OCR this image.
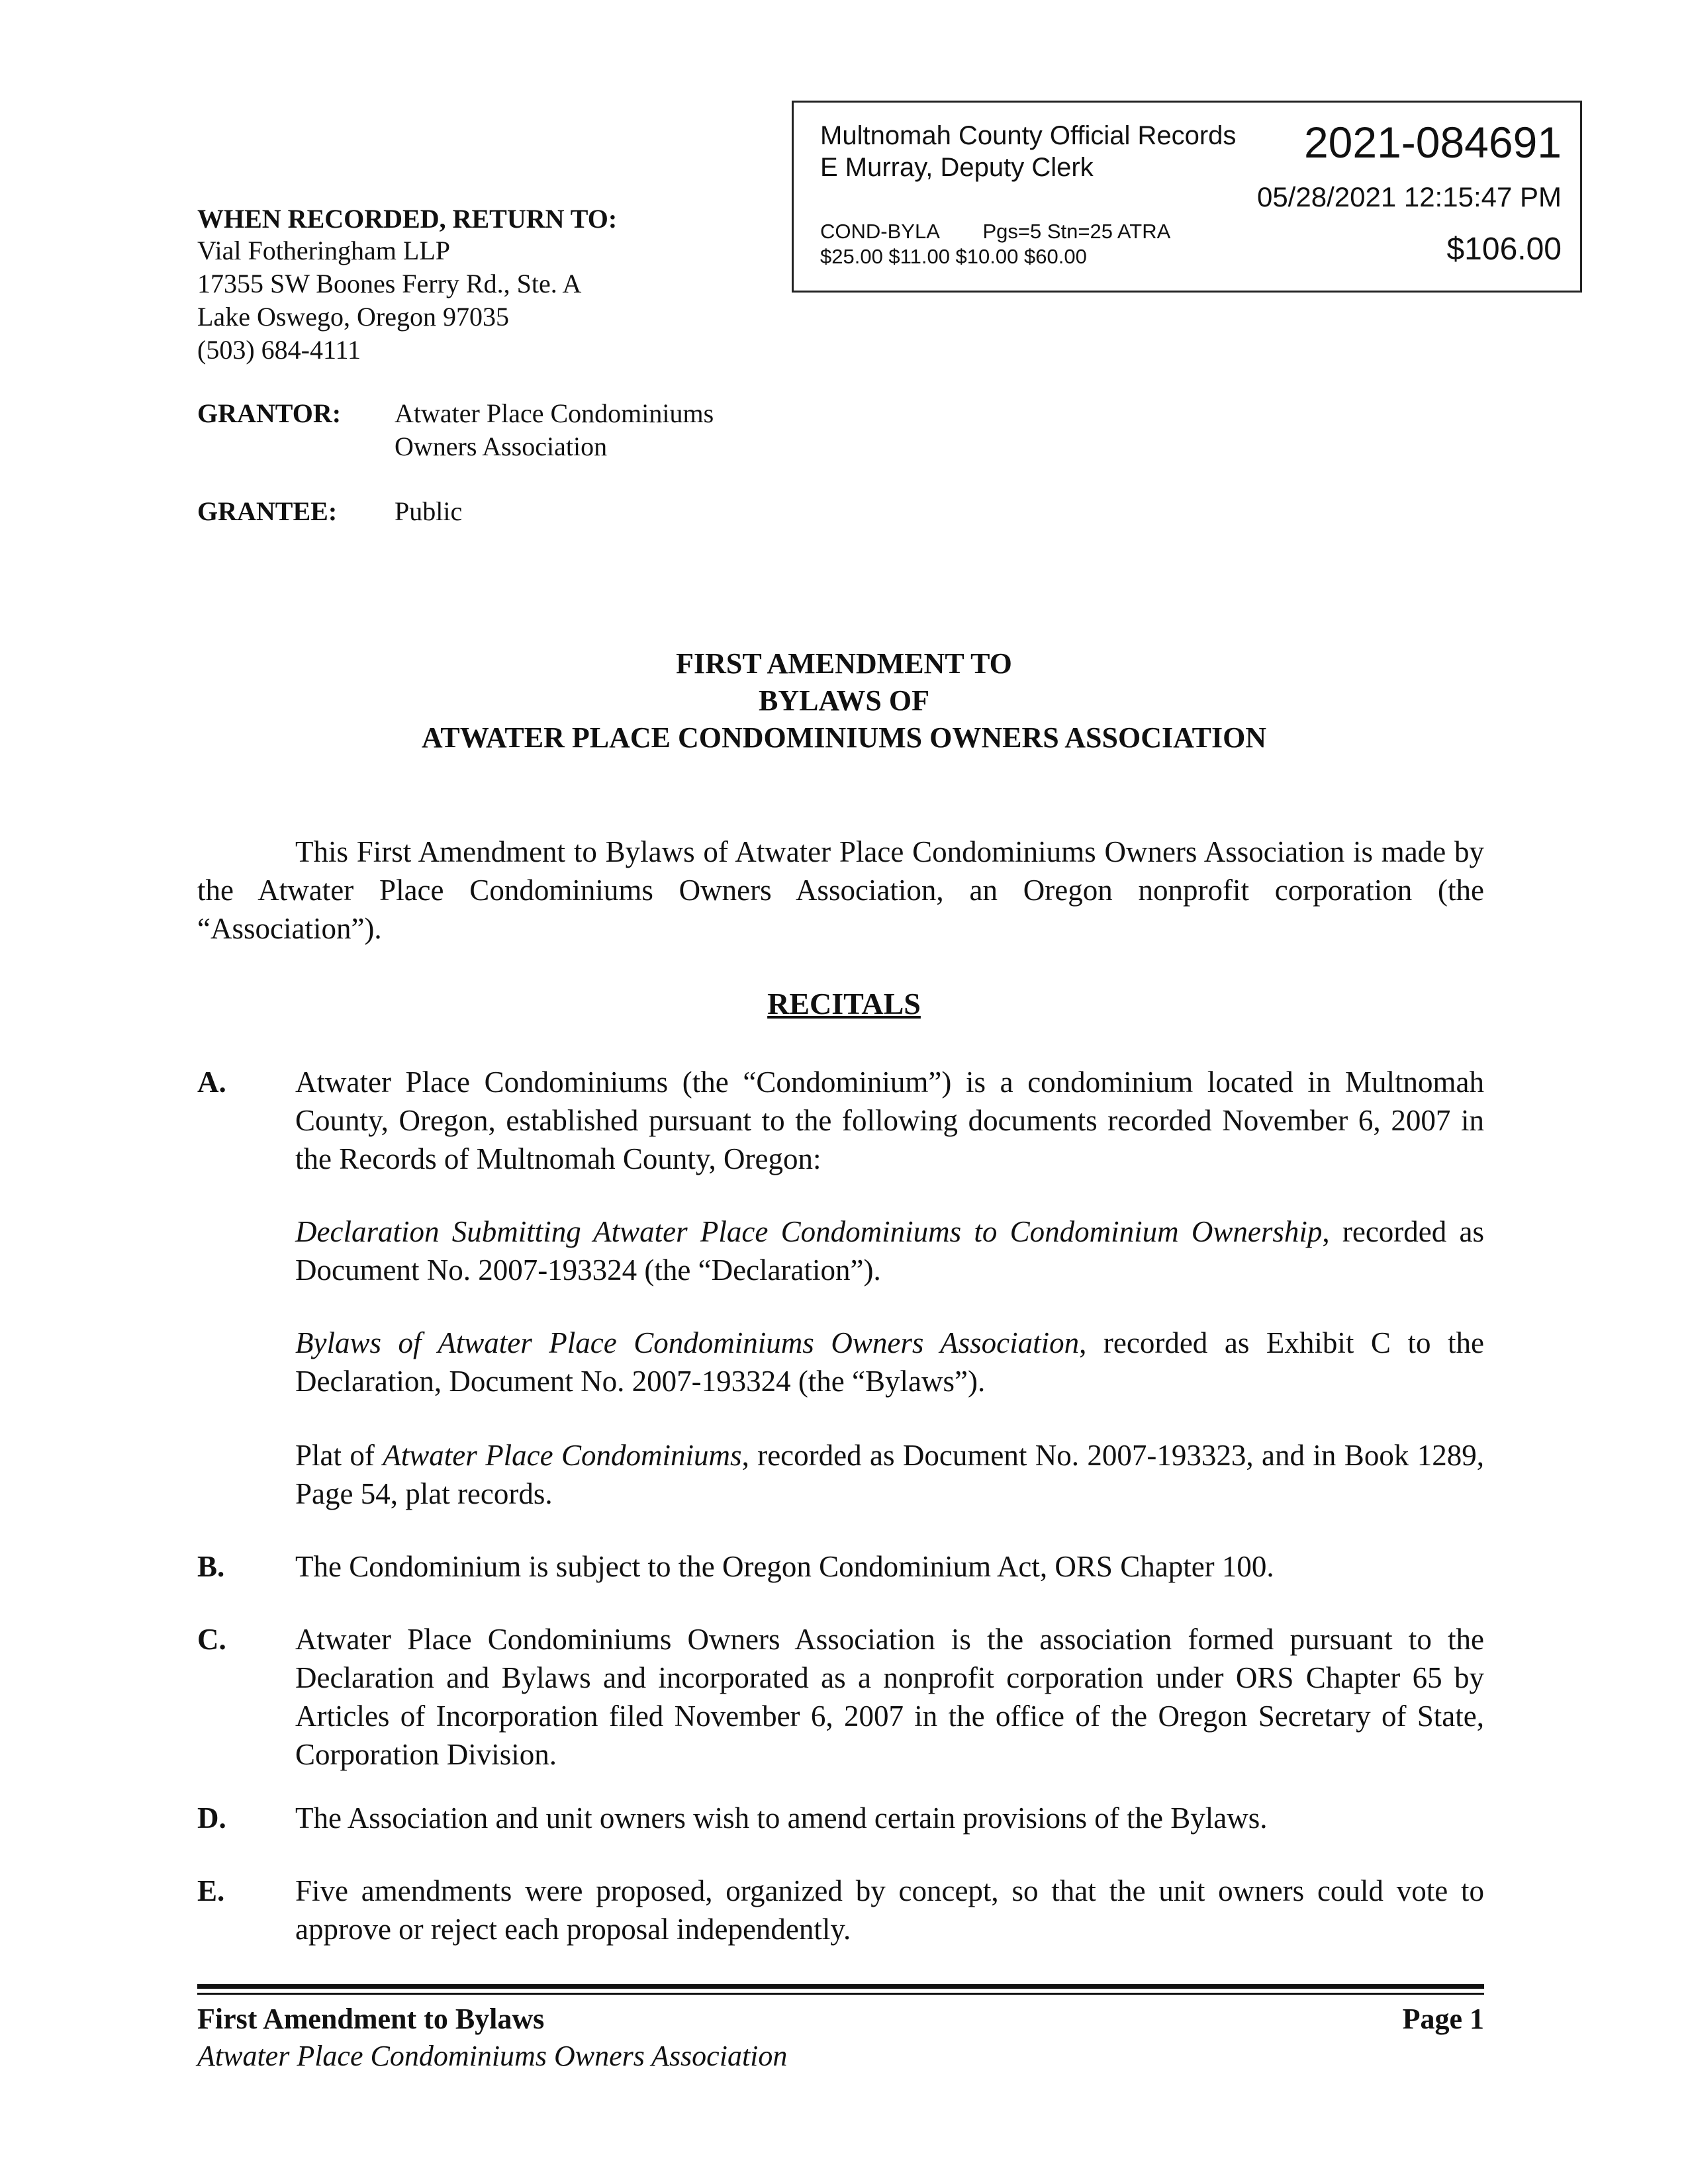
Multnomah County Official Records
E Murray, Deputy Clerk
2021-084691
05/28/2021 12:15:47 PM
COND-BYLA Pgs=5 Stn=25 ATRA
$25.00 $11.00 $10.00 $60.00	$106.00
WHEN RECORDED, RETURN TO:
Vial Fotheringham LLP
17355 SW Boones Ferry Rd., Ste. A
Lake Oswego, Oregon 97035
(503) 684-4111
GRANTOR: Atwater Place Condominiums
Owners Association
GRANTEE: Public
FIRST AMENDMENT TO
BYLAWS OF
ATWATER PLACE CONDOMINIUMS OWNERS ASSOCIATION
This First Amendment to Bylaws of Atwater Place Condominiums Owners Association is made by the Atwater Place Condominiums Owners Association, an Oregon nonprofit corporation (the “Association”).
RECITALS
A. Atwater Place Condominiums (the “Condominium”) is a condominium located in Multnomah County, Oregon, established pursuant to the following documents recorded November 6, 2007 in the Records of Multnomah County, Oregon:
Declaration Submitting Atwater Place Condominiums to Condominium Ownership, recorded as Document No. 2007-193324 (the “Declaration”).
Bylaws of Atwater Place Condominiums Owners Association, recorded as Exhibit C to the Declaration, Document No. 2007-193324 (the “Bylaws”).
Plat of Atwater Place Condominiums, recorded as Document No. 2007-193323, and in Book 1289, Page 54, plat records.
B. The Condominium is subject to the Oregon Condominium Act, ORS Chapter 100.
C. Atwater Place Condominiums Owners Association is the association formed pursuant to the Declaration and Bylaws and incorporated as a nonprofit corporation under ORS Chapter 65 by Articles of Incorporation filed November 6, 2007 in the office of the Oregon Secretary of State, Corporation Division.
D. The Association and unit owners wish to amend certain provisions of the Bylaws.
E. Five amendments were proposed, organized by concept, so that the unit owners could vote to approve or reject each proposal independently.
First Amendment to Bylaws	Page 1
Atwater Place Condominiums Owners Association
